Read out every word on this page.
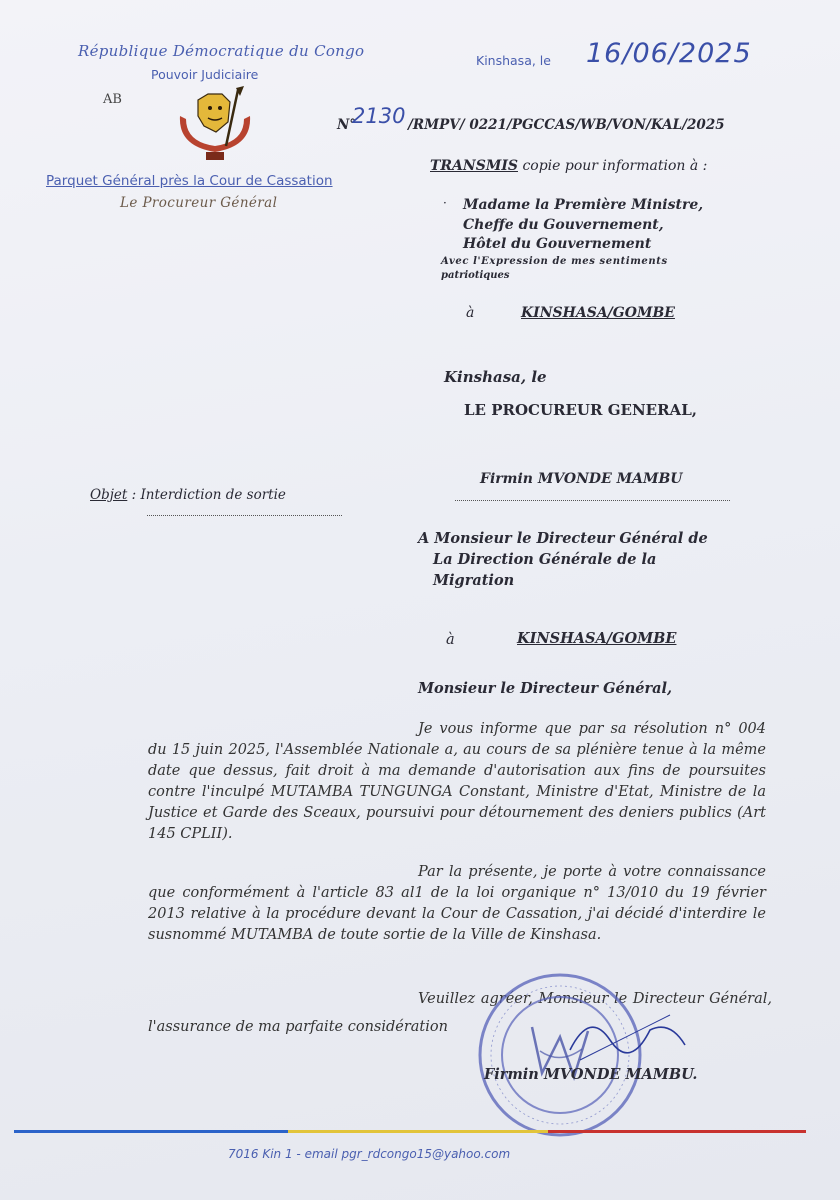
République Démocratique du Congo
Pouvoir Judiciaire
AB
Parquet Général près la Cour de Cassation
Le Procureur Général
Kinshasa, le 16/06/2025
N°
2130 /RMPV/ 0221/PGCCAS/WB/VON/KAL/2025
TRANSMIS copie pour information à :
· Madame la Première Ministre,
Cheffe du Gouvernement,
Hôtel du Gouvernement
Avec l'Expression de mes sentiments
patriotiques
à	KINSHASA/GOMBE
Kinshasa, le
LE PROCUREUR GENERAL,
Firmin MVONDE MAMBU
Objet : Interdiction de sortie
A Monsieur le Directeur Général de
La Direction Générale de la
Migration
à	KINSHASA/GOMBE
Monsieur le Directeur Général,
Je vous informe que par sa résolution n° 004 du 15 juin 2025, l'Assemblée Nationale a, au cours de sa plénière tenue à la même date que dessus, fait droit à ma demande d'autorisation aux fins de poursuites contre l'inculpé MUTAMBA TUNGUNGA Constant, Ministre d'Etat, Ministre de la Justice et Garde des Sceaux, poursuivi pour détournement des deniers publics (Art 145 CPLII).
Par la présente, je porte à votre connaissance que conformément à l'article 83 al1 de la loi organique n° 13/010 du 19 février 2013 relative à la procédure devant la Cour de Cassation, j'ai décidé d'interdire le susnommé MUTAMBA de toute sortie de la Ville de Kinshasa.
Veuillez agréer, Monsieur le Directeur Général, l'assurance de ma parfaite considération
Firmin MVONDE MAMBU.
7016 Kin 1 - email pgr_rdcongo15@yahoo.com
